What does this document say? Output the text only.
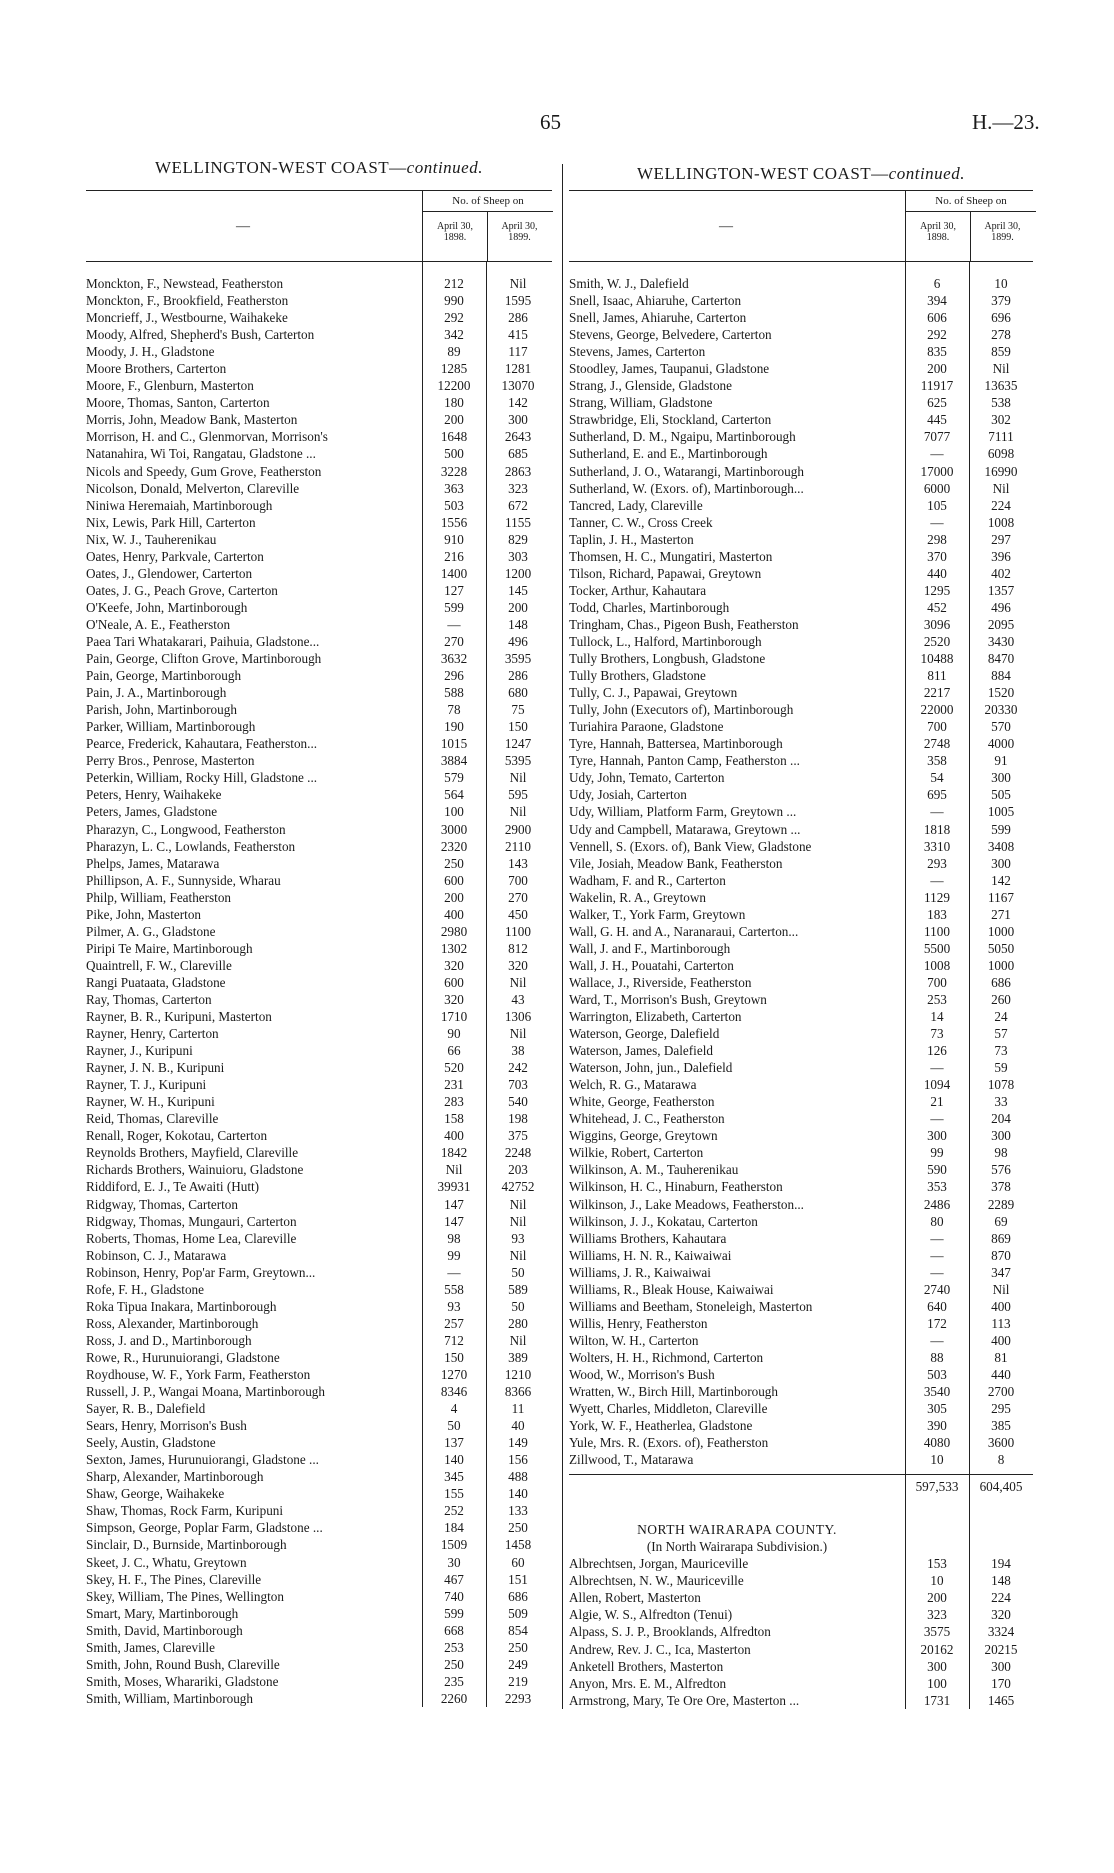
65	H.—23.
WELLINGTON-WEST COAST—continued.
—
No. of Sheep on
April 30,
1898.
April 30,
1899.
Monckton, F., Newstead, Featherston	212	Nil
Monckton, F., Brookfield, Featherston	990	1595
Moncrieff, J., Westbourne, Waihakeke	292	286
Moody, Alfred, Shepherd's Bush, Carterton	342	415
Moody, J. H., Gladstone	89	117
Moore Brothers, Carterton	1285	1281
Moore, F., Glenburn, Masterton	12200	13070
Moore, Thomas, Santon, Carterton	180	142
Morris, John, Meadow Bank, Masterton	200	300
Morrison, H. and C., Glenmorvan, Morrison's	1648	2643
Natanahira, Wi Toi, Rangatau, Gladstone ...	500	685
Nicols and Speedy, Gum Grove, Featherston	3228	2863
Nicolson, Donald, Melverton, Clareville	363	323
Niniwa Heremaiah, Martinborough	503	672
Nix, Lewis, Park Hill, Carterton	1556	1155
Nix, W. J., Tauherenikau	910	829
Oates, Henry, Parkvale, Carterton	216	303
Oates, J., Glendower, Carterton	1400	1200
Oates, J. G., Peach Grove, Carterton	127	145
O'Keefe, John, Martinborough	599	200
O'Neale, A. E., Featherston	—	148
Paea Tari Whatakarari, Paihuia, Gladstone...	270	496
Pain, George, Clifton Grove, Martinborough	3632	3595
Pain, George, Martinborough	296	286
Pain, J. A., Martinborough	588	680
Parish, John, Martinborough	78	75
Parker, William, Martinborough	190	150
Pearce, Frederick, Kahautara, Featherston...	1015	1247
Perry Bros., Penrose, Masterton	3884	5395
Peterkin, William, Rocky Hill, Gladstone ...	579	Nil
Peters, Henry, Waihakeke	564	595
Peters, James, Gladstone	100	Nil
Pharazyn, C., Longwood, Featherston	3000	2900
Pharazyn, L. C., Lowlands, Featherston	2320	2110
Phelps, James, Matarawa	250	143
Phillipson, A. F., Sunnyside, Wharau	600	700
Philp, William, Featherston	200	270
Pike, John, Masterton	400	450
Pilmer, A. G., Gladstone	2980	1100
Piripi Te Maire, Martinborough	1302	812
Quaintrell, F. W., Clareville	320	320
Rangi Puataata, Gladstone	600	Nil
Ray, Thomas, Carterton	320	43
Rayner, B. R., Kuripuni, Masterton	1710	1306
Rayner, Henry, Carterton	90	Nil
Rayner, J., Kuripuni	66	38
Rayner, J. N. B., Kuripuni	520	242
Rayner, T. J., Kuripuni	231	703
Rayner, W. H., Kuripuni	283	540
Reid, Thomas, Clareville	158	198
Renall, Roger, Kokotau, Carterton	400	375
Reynolds Brothers, Mayfield, Clareville	1842	2248
Richards Brothers, Wainuioru, Gladstone	Nil	203
Riddiford, E. J., Te Awaiti (Hutt)	39931	42752
Ridgway, Thomas, Carterton	147	Nil
Ridgway, Thomas, Mungauri, Carterton	147	Nil
Roberts, Thomas, Home Lea, Clareville	98	93
Robinson, C. J., Matarawa	99	Nil
Robinson, Henry, Pop'ar Farm, Greytown...	—	50
Rofe, F. H., Gladstone	558	589
Roka Tipua Inakara, Martinborough	93	50
Ross, Alexander, Martinborough	257	280
Ross, J. and D., Martinborough	712	Nil
Rowe, R., Hurunuiorangi, Gladstone	150	389
Roydhouse, W. F., York Farm, Featherston	1270	1210
Russell, J. P., Wangai Moana, Martinborough	8346	8366
Sayer, R. B., Dalefield	4	11
Sears, Henry, Morrison's Bush	50	40
Seely, Austin, Gladstone	137	149
Sexton, James, Hurunuiorangi, Gladstone ...	140	156
Sharp, Alexander, Martinborough	345	488
Shaw, George, Waihakeke	155	140
Shaw, Thomas, Rock Farm, Kuripuni	252	133
Simpson, George, Poplar Farm, Gladstone ...	184	250
Sinclair, D., Burnside, Martinborough	1509	1458
Skeet, J. C., Whatu, Greytown	30	60
Skey, H. F., The Pines, Clareville	467	151
Skey, William, The Pines, Wellington	740	686
Smart, Mary, Martinborough	599	509
Smith, David, Martinborough	668	854
Smith, James, Clareville	253	250
Smith, John, Round Bush, Clareville	250	249
Smith, Moses, Wharariki, Gladstone	235	219
Smith, William, Martinborough	2260	2293
WELLINGTON-WEST COAST—continued.
—
No. of Sheep on
April 30,
1898.
April 30,
1899.
Smith, W. J., Dalefield	6	10
Snell, Isaac, Ahiaruhe, Carterton	394	379
Snell, James, Ahiaruhe, Carterton	606	696
Stevens, George, Belvedere, Carterton	292	278
Stevens, James, Carterton	835	859
Stoodley, James, Taupanui, Gladstone	200	Nil
Strang, J., Glenside, Gladstone	11917	13635
Strang, William, Gladstone	625	538
Strawbridge, Eli, Stockland, Carterton	445	302
Sutherland, D. M., Ngaipu, Martinborough	7077	7111
Sutherland, E. and E., Martinborough	—	6098
Sutherland, J. O., Watarangi, Martinborough	17000	16990
Sutherland, W. (Exors. of), Martinborough...	6000	Nil
Tancred, Lady, Clareville	105	224
Tanner, C. W., Cross Creek	—	1008
Taplin, J. H., Masterton	298	297
Thomsen, H. C., Mungatiri, Masterton	370	396
Tilson, Richard, Papawai, Greytown	440	402
Tocker, Arthur, Kahautara	1295	1357
Todd, Charles, Martinborough	452	496
Tringham, Chas., Pigeon Bush, Featherston	3096	2095
Tullock, L., Halford, Martinborough	2520	3430
Tully Brothers, Longbush, Gladstone	10488	8470
Tully Brothers, Gladstone	811	884
Tully, C. J., Papawai, Greytown	2217	1520
Tully, John (Executors of), Martinborough	22000	20330
Turiahira Paraone, Gladstone	700	570
Tyre, Hannah, Battersea, Martinborough	2748	4000
Tyre, Hannah, Panton Camp, Featherston ...	358	91
Udy, John, Temato, Carterton	54	300
Udy, Josiah, Carterton	695	505
Udy, William, Platform Farm, Greytown ...	—	1005
Udy and Campbell, Matarawa, Greytown ...	1818	599
Vennell, S. (Exors. of), Bank View, Gladstone	3310	3408
Vile, Josiah, Meadow Bank, Featherston	293	300
Wadham, F. and R., Carterton	—	142
Wakelin, R. A., Greytown	1129	1167
Walker, T., York Farm, Greytown	183	271
Wall, G. H. and A., Naranaraui, Carterton...	1100	1000
Wall, J. and F., Martinborough	5500	5050
Wall, J. H., Pouatahi, Carterton	1008	1000
Wallace, J., Riverside, Featherston	700	686
Ward, T., Morrison's Bush, Greytown	253	260
Warrington, Elizabeth, Carterton	14	24
Waterson, George, Dalefield	73	57
Waterson, James, Dalefield	126	73
Waterson, John, jun., Dalefield	—	59
Welch, R. G., Matarawa	1094	1078
White, George, Featherston	21	33
Whitehead, J. C., Featherston	—	204
Wiggins, George, Greytown	300	300
Wilkie, Robert, Carterton	99	98
Wilkinson, A. M., Tauherenikau	590	576
Wilkinson, H. C., Hinaburn, Featherston	353	378
Wilkinson, J., Lake Meadows, Featherston...	2486	2289
Wilkinson, J. J., Kokatau, Carterton	80	69
Williams Brothers, Kahautara	—	869
Williams, H. N. R., Kaiwaiwai	—	870
Williams, J. R., Kaiwaiwai	—	347
Williams, R., Bleak House, Kaiwaiwai	2740	Nil
Williams and Beetham, Stoneleigh, Masterton	640	400
Willis, Henry, Featherston	172	113
Wilton, W. H., Carterton	—	400
Wolters, H. H., Richmond, Carterton	88	81
Wood, W., Morrison's Bush	503	440
Wratten, W., Birch Hill, Martinborough	3540	2700
Wyett, Charles, Middleton, Clareville	305	295
York, W. F., Heatherlea, Gladstone	390	385
Yule, Mrs. R. (Exors. of), Featherston	4080	3600
Zillwood, T., Matarawa	10	8
597,533	604,405
NORTH WAIRARAPA COUNTY.
(In North Wairarapa Subdivision.)
Albrechtsen, Jorgan, Mauriceville	153	194
Albrechtsen, N. W., Mauriceville	10	148
Allen, Robert, Masterton	200	224
Algie, W. S., Alfredton (Tenui)	323	320
Alpass, S. J. P., Brooklands, Alfredton	3575	3324
Andrew, Rev. J. C., Ica, Masterton	20162	20215
Anketell Brothers, Masterton	300	300
Anyon, Mrs. E. M., Alfredton	100	170
Armstrong, Mary, Te Ore Ore, Masterton ...	1731	1465
